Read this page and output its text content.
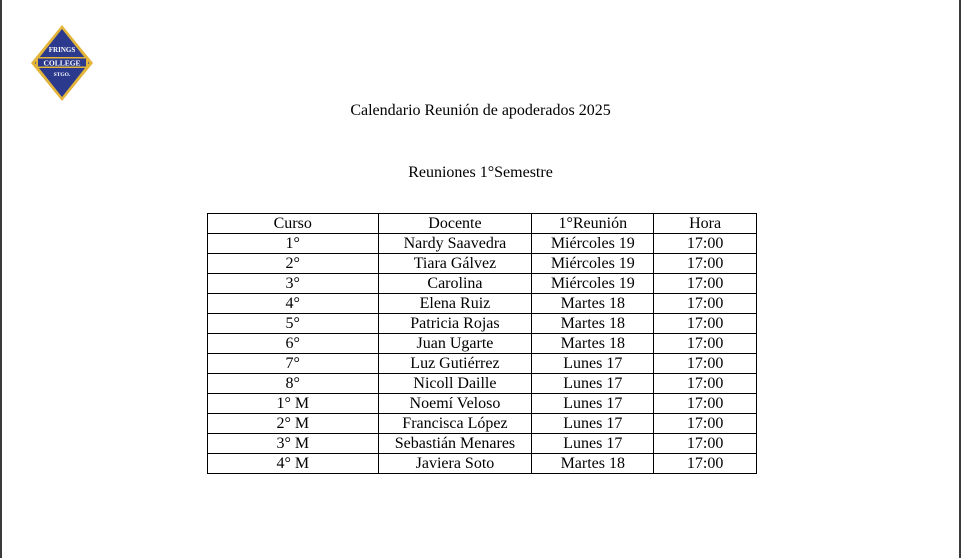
FRINGS
COLLEGE
STGO.
Calendario Reunión de apoderados 2025
Reuniones 1°Semestre
Curso	Docente	1°Reunión	Hora
1°	Nardy Saavedra	Miércoles 19	17:00
2°	Tiara Gálvez	Miércoles 19	17:00
3°	Carolina	Miércoles 19	17:00
4°	Elena Ruiz	Martes 18	17:00
5°	Patricia Rojas	Martes 18	17:00
6°	Juan Ugarte	Martes 18	17:00
7°	Luz Gutiérrez	Lunes 17	17:00
8°	Nicoll Daille	Lunes 17	17:00
1° M	Noemí Veloso	Lunes 17	17:00
2° M	Francisca López	Lunes 17	17:00
3° M	Sebastián Menares	Lunes 17	17:00
4° M	Javiera Soto	Martes 18	17:00
